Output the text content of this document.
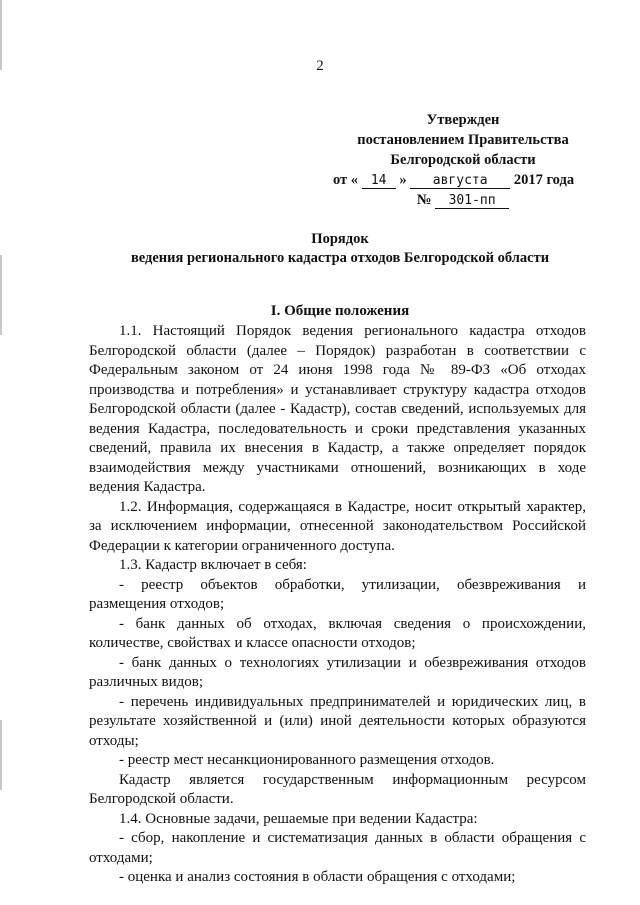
2
Утвержден
постановлением Правительства
Белгородской области
от « 14 » августа 2017 года
№ 301-пп
Порядок
ведения регионального кадастра отходов Белгородской области
I. Общие положения

1.1. Настоящий Порядок ведения регионального кадастра отходов Белгородской области (далее – Порядок) разработан в соответствии с Федеральным законом от 24 июня 1998 года № 89-ФЗ «Об отходах производства и потребления» и устанавливает структуру кадастра отходов Белгородской области (далее - Кадастр), состав сведений, используемых для ведения Кадастра, последовательность и сроки представления указанных сведений, правила их внесения в Кадастр, а также определяет порядок взаимодействия между участниками отношений, возникающих в ходе ведения Кадастра.

1.2. Информация, содержащаяся в Кадастре, носит открытый характер, за исключением информации, отнесенной законодательством Российской Федерации к категории ограниченного доступа.

1.3. Кадастр включает в себя:

- реестр объектов обработки, утилизации, обезвреживания и размещения отходов;

- банк данных об отходах, включая сведения о происхождении, количестве, свойствах и классе опасности отходов;

- банк данных о технологиях утилизации и обезвреживания отходов различных видов;

- перечень индивидуальных предпринимателей и юридических лиц, в результате хозяйственной и (или) иной деятельности которых образуются отходы;

- реестр мест несанкционированного размещения отходов.

Кадастр является государственным информационным ресурсом Белгородской области.

1.4. Основные задачи, решаемые при ведении Кадастра:

- сбор, накопление и систематизация данных в области обращения с отходами;

- оценка и анализ состояния в области обращения с отходами;
